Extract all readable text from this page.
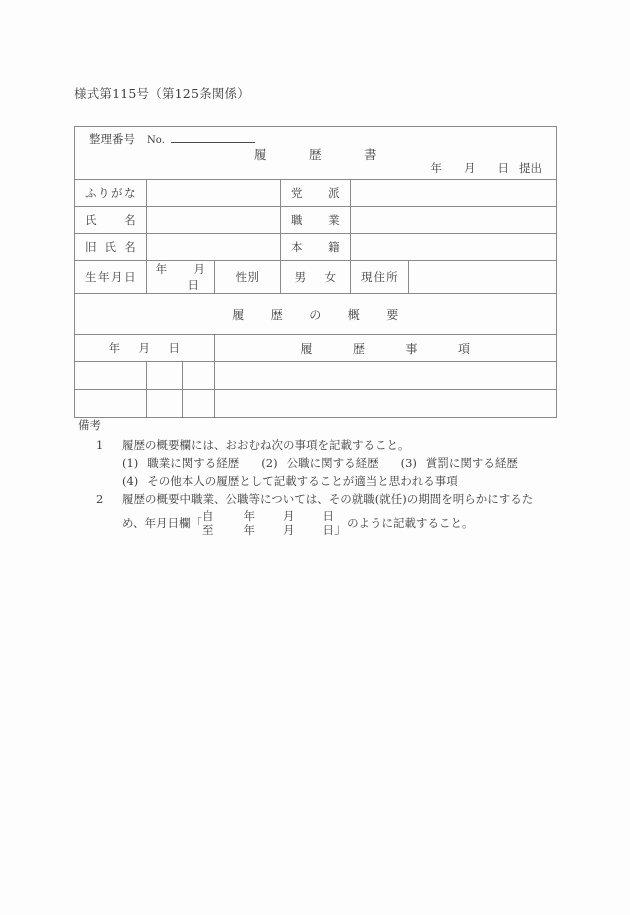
様式第115号（第125条関係）
整理番号 No.
履 歴 書
年 月 日 提出						

ふりがな				党派		

氏名				職業		

旧氏名				本籍		

生年月日	年 月日		性別	男 女	現住所	

履 歴 の 概 要						
年 月 日			履 歴 事 項			

備考
1	履歴の概要欄には、おおむね次の事項を記載すること。
(1) 職業に関する経歴 (2) 公職に関する経歴 (3) 賞罰に関する経歴
(4) その他本人の履歴として記載することが適当と思われる事項
2	履歴の概要中職業、公職等については、その就職(就任)の期間を明らかにするた
め、年月日欄「 自	年 月 日
至	年 月 日 」 のように記載すること。
